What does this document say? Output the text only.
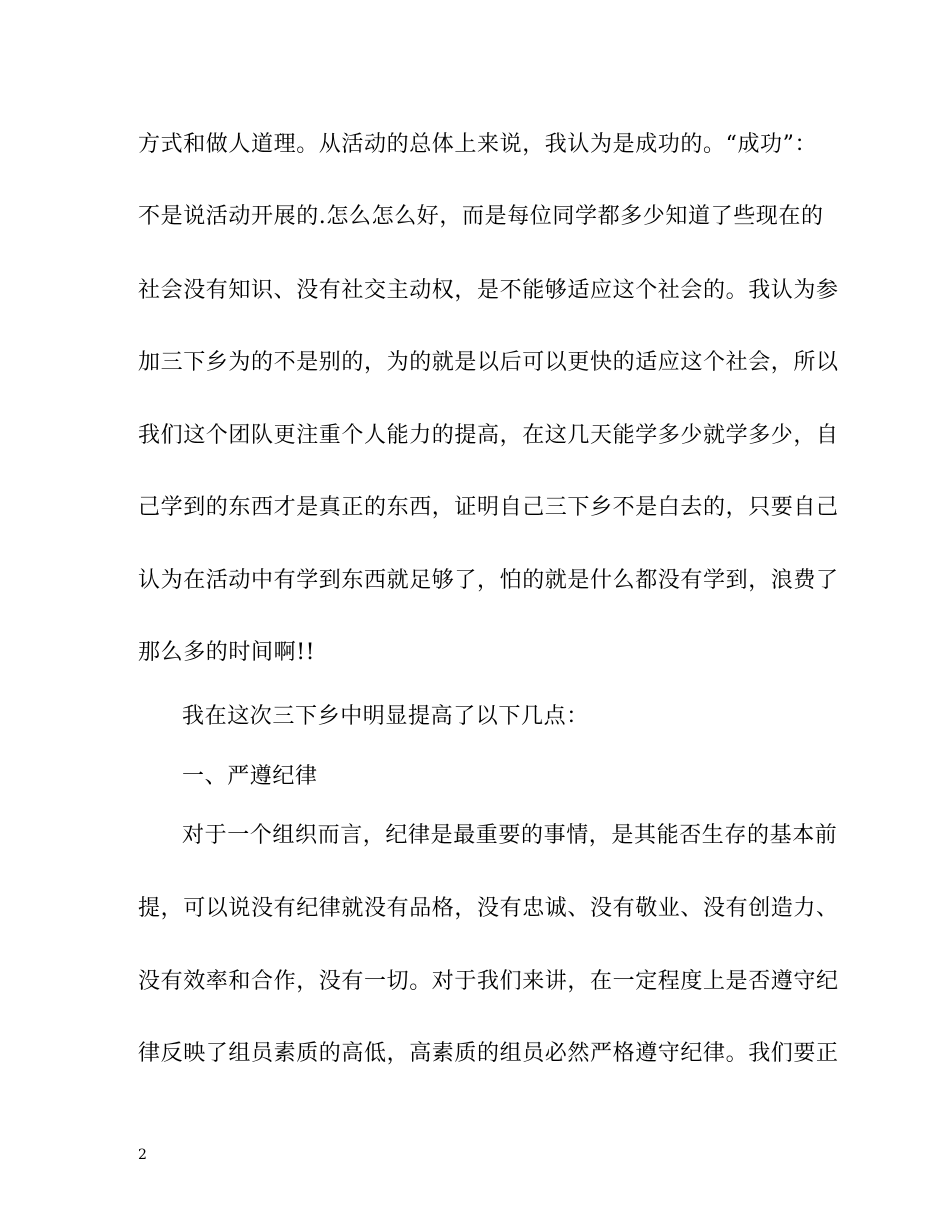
方式和做人道理。从活动的总体上来说，我认为是成功的。“成功”：
不是说活动开展的.怎么怎么好，而是每位同学都多少知道了些现在的
社会没有知识、没有社交主动权，是不能够适应这个社会的。我认为参
加三下乡为的不是别的，为的就是以后可以更快的适应这个社会，所以
我们这个团队更注重个人能力的提高，在这几天能学多少就学多少，自
己学到的东西才是真正的东西，证明自己三下乡不是白去的，只要自己
认为在活动中有学到东西就足够了，怕的就是什么都没有学到，浪费了
那么多的时间啊!!
我在这次三下乡中明显提高了以下几点：
一、严遵纪律
对于一个组织而言，纪律是最重要的事情，是其能否生存的基本前
提，可以说没有纪律就没有品格，没有忠诚、没有敬业、没有创造力、
没有效率和合作，没有一切。对于我们来讲，在一定程度上是否遵守纪
律反映了组员素质的高低，高素质的组员必然严格遵守纪律。我们要正
2
